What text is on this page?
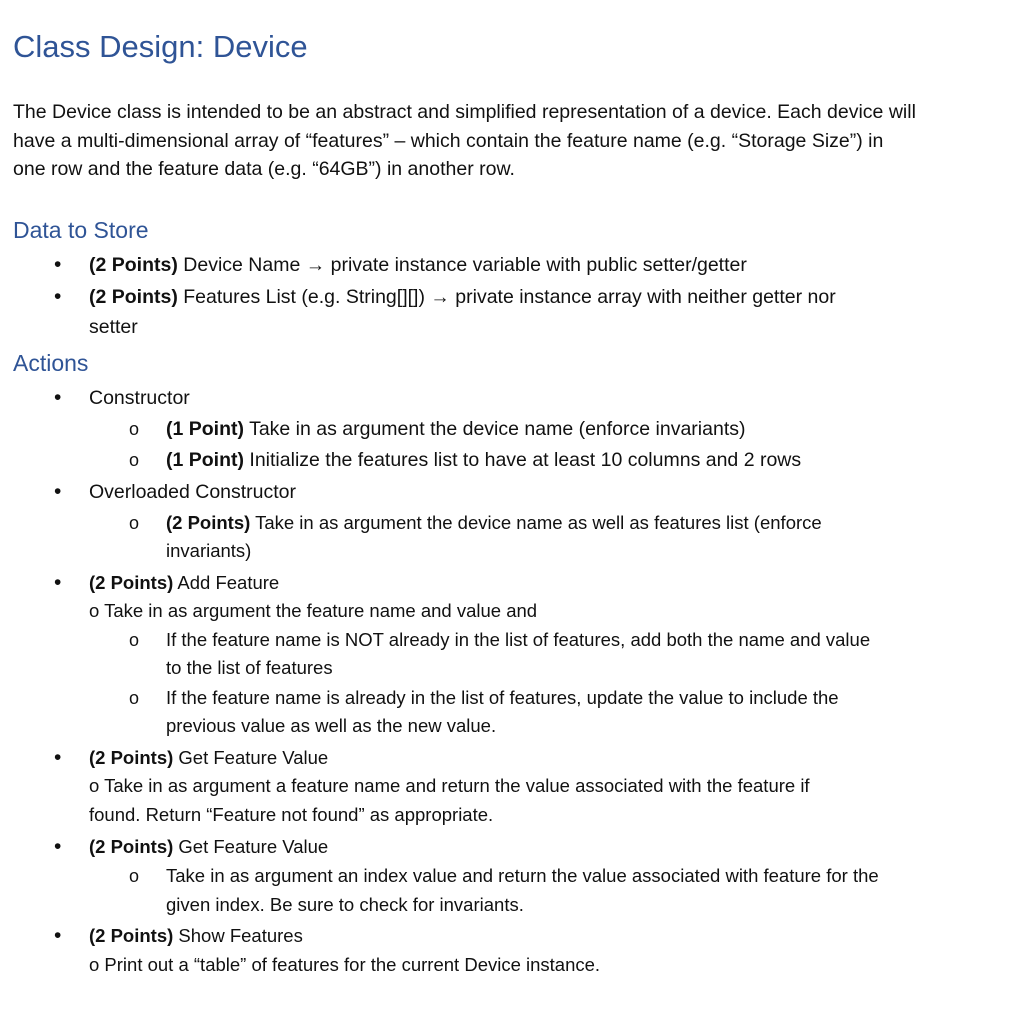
Class Design: Device
The Device class is intended to be an abstract and simplified representation of a device. Each device will
have a multi-dimensional array of “features” – which contain the feature name (e.g. “Storage Size”) in
one row and the feature data (e.g. “64GB”) in another row.
Data to Store
• (2 Points) Device Name → private instance variable with public setter/getter
• (2 Points) Features List (e.g. String[][]) → private instance array with neither getter nor
setter
Actions
• Constructor
o (1 Point) Take in as argument the device name (enforce invariants)
o (1 Point) Initialize the features list to have at least 10 columns and 2 rows
• Overloaded Constructor
o (2 Points) Take in as argument the device name as well as features list (enforce
invariants)
• (2 Points) Add Feature
o Take in as argument the feature name and value and
o If the feature name is NOT already in the list of features, add both the name and value
to the list of features
o If the feature name is already in the list of features, update the value to include the
previous value as well as the new value.
• (2 Points) Get Feature Value
o Take in as argument a feature name and return the value associated with the feature if
found. Return “Feature not found” as appropriate.
• (2 Points) Get Feature Value
o Take in as argument an index value and return the value associated with feature for the
given index. Be sure to check for invariants.
• (2 Points) Show Features
o Print out a “table” of features for the current Device instance.
